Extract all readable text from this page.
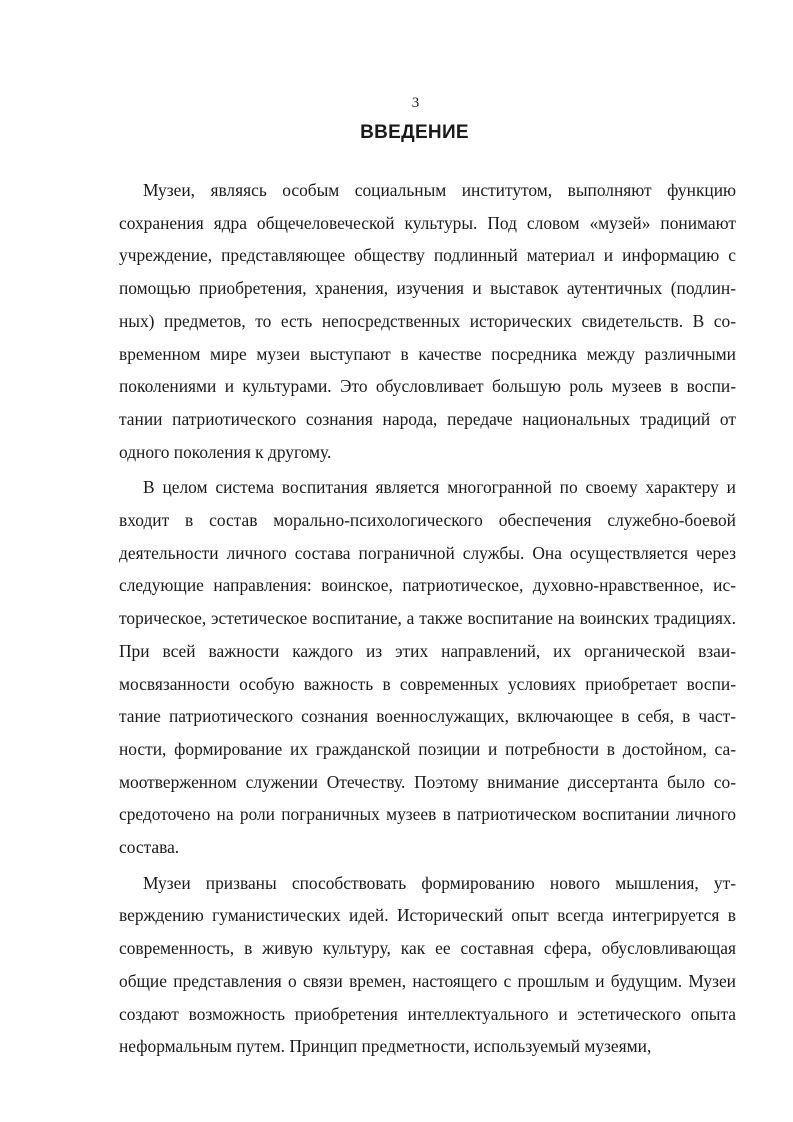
3
ВВЕДЕНИЕ

Музеи, являясь особым социальным институтом, выполняют функцию сохранения ядра общечеловеческой культуры. Под словом «музей» понимают учреждение, представляющее обществу подлинный материал и информацию с помощью приобретения, хранения, изучения и выставок аутентичных (подлинных) предметов, то есть непосредственных исторических свидетельств. В современном мире музеи выступают в качестве посредника между различными поколениями и культурами. Это обусловливает большую роль музеев в воспитании патриотического сознания народа, передаче национальных традиций от одного поколения к другому.

В целом система воспитания является многогранной по своему характеру и входит в состав морально-психологического обеспечения служебно-боевой деятельности личного состава пограничной службы. Она осуществляется через следующие направления: воинское, патриотическое, духовно-нравственное, историческое, эстетическое воспитание, а также воспитание на воинских традициях. При всей важности каждого из этих направлений, их органической взаимосвязанности особую важность в современных условиях приобретает воспитание патриотического сознания военнослужащих, включающее в себя, в частности, формирование их гражданской позиции и потребности в достойном, самоотверженном служении Отечеству. Поэтому внимание диссертанта было сосредоточено на роли пограничных музеев в патриотическом воспитании личного состава.

Музеи призваны способствовать формированию нового мышления, утверждению гуманистических идей. Исторический опыт всегда интегрируется в современность, в живую культуру, как ее составная сфера, обусловливающая общие представления о связи времен, настоящего с прошлым и будущим. Музеи создают возможность приобретения интеллектуального и эстетического опыта неформальным путем. Принцип предметности, используемый музеями,
